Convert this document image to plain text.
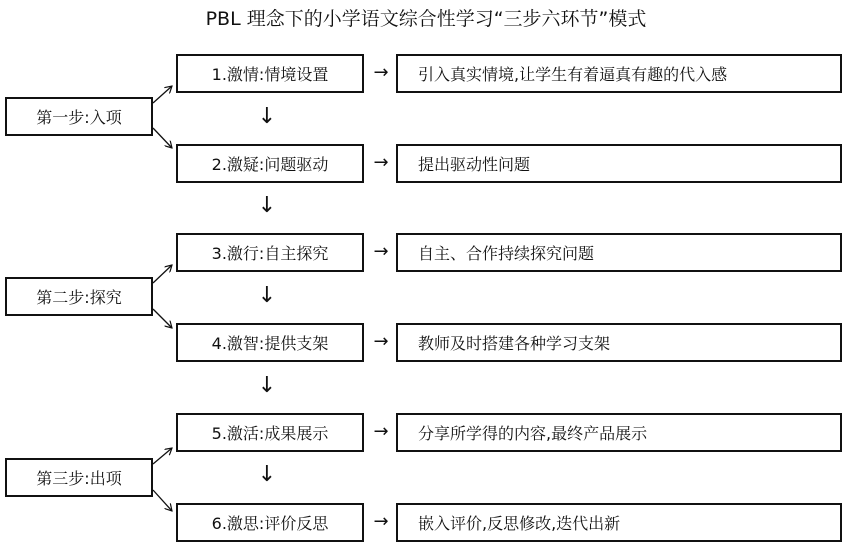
PBL 理念下的小学语文综合性学习“三步六环节”模式
第一步:入项
第二步:探究
第三步:出项
1.激情:情境设置
2.激疑:问题驱动
3.激行:自主探究
4.激智:提供支架
5.激活:成果展示
6.激思:评价反思
→
→
→
→
→
→
引入真实情境,让学生有着逼真有趣的代入感
提出驱动性问题
自主、合作持续探究问题
教师及时搭建各种学习支架
分享所学得的内容,最终产品展示
嵌入评价,反思修改,迭代出新
↓
↓
↓
↓
↓
